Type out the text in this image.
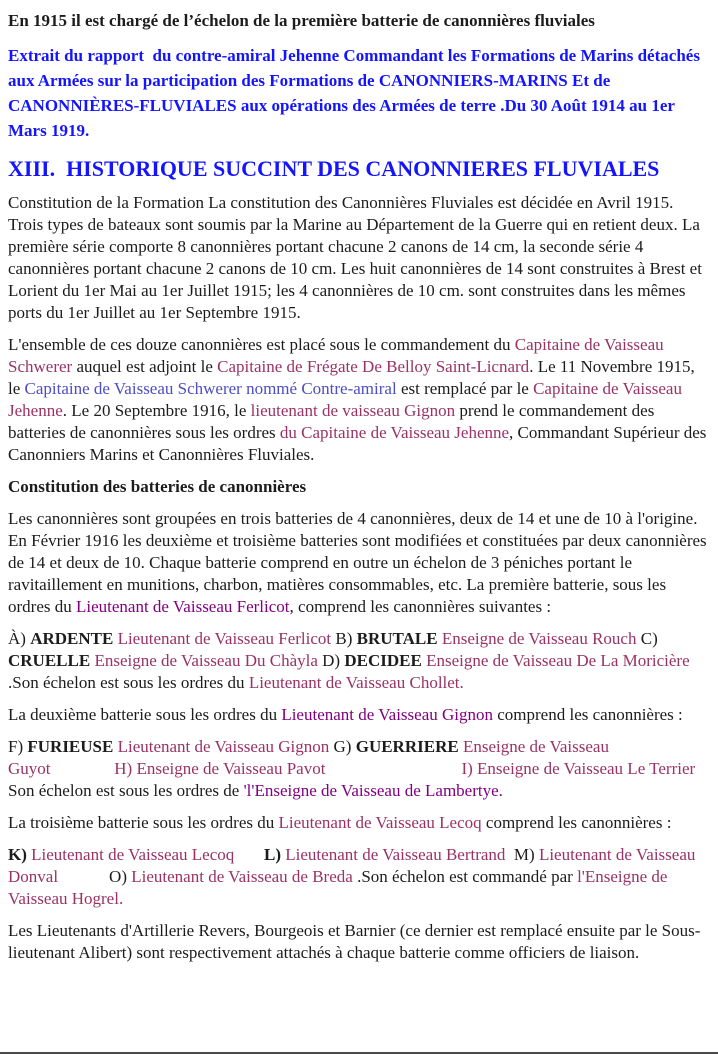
En 1915 il est chargé de l’échelon de la première batterie de canonnières fluviales

Extrait du rapport  du contre-amiral Jehenne Commandant les Formations de Marins détachés aux Armées sur la participation des Formations de CANONNIERS-MARINS Et de CANONNIÈRES-FLUVIALES aux opérations des Armées de terre .Du 30 Août 1914 au 1er Mars 1919.

XIII.  HISTORIQUE SUCCINT DES CANONNIERES FLUVIALES

Constitution de la Formation La constitution des Canonnières Fluviales est décidée en Avril 1915. Trois types de bateaux sont soumis par la Marine au Département de la Guerre qui en retient deux. La première série comporte 8 canonnières portant chacune 2 canons de 14 cm, la seconde série 4 canonnières portant chacune 2 canons de 10 cm. Les huit canonnières de 14 sont construites à Brest et Lorient du 1er Mai au 1er Juillet 1915; les 4 canonnières de 10 cm. sont construites dans les mêmes ports du 1er Juillet au 1er Septembre 1915.

L'ensemble de ces douze canonnières est placé sous le commandement du Capitaine de Vaisseau Schwerer auquel est adjoint le Capitaine de Frégate De Belloy Saint-Licnard. Le 11 Novembre 1915, le Capitaine de Vaisseau Schwerer nommé Contre-amiral est remplacé par le Capitaine de Vaisseau Jehenne. Le 20 Septembre 1916, le lieutenant de vaisseau Gignon prend le commandement des batteries de canonnières sous les ordres du Capitaine de Vaisseau Jehenne, Commandant Supérieur des Canonniers Marins et Canonnières Fluviales.

Constitution des batteries de canonnières

Les canonnières sont groupées en trois batteries de 4 canonnières, deux de 14 et une de 10 à l'origine. En Février 1916 les deuxième et troisième batteries sont modifiées et constituées par deux canonnières de 14 et deux de 10. Chaque batterie comprend en outre un échelon de 3 péniches portant le ravitaillement en munitions, charbon, matières consommables, etc. La première batterie, sous les ordres du Lieutenant de Vaisseau Ferlicot, comprend les canonnières suivantes :

À) ARDENTE Lieutenant de Vaisseau Ferlicot B) BRUTALE Enseigne de Vaisseau Rouch C) CRUELLE Enseigne de Vaisseau Du Chàyla D) DECIDEE Enseigne de Vaisseau De La Moricière  .Son échelon est sous les ordres du Lieutenant de Vaisseau Chollet.

La deuxième batterie sous les ordres du Lieutenant de Vaisseau Gignon comprend les canonnières :

F) FURIEUSE Lieutenant de Vaisseau Gignon G) GUERRIERE Enseigne de Vaisseau Guyot	H) Enseigne de Vaisseau Pavot	I) Enseigne de Vaisseau Le Terrier Son échelon est sous les ordres de 'l'Enseigne de Vaisseau de Lambertye.

La troisième batterie sous les ordres du Lieutenant de Vaisseau Lecoq comprend les canonnières :

K) Lieutenant de Vaisseau Lecoq L) Lieutenant de Vaisseau Bertrand  M) Lieutenant de Vaisseau Donval            O) Lieutenant de Vaisseau de Breda .Son échelon est commandé par l'Enseigne de Vaisseau Hogrel.

Les Lieutenants d'Artillerie Revers, Bourgeois et Barnier (ce dernier est remplacé ensuite par le Sous-lieutenant Alibert) sont respectivement attachés à chaque batterie comme officiers de liaison.
